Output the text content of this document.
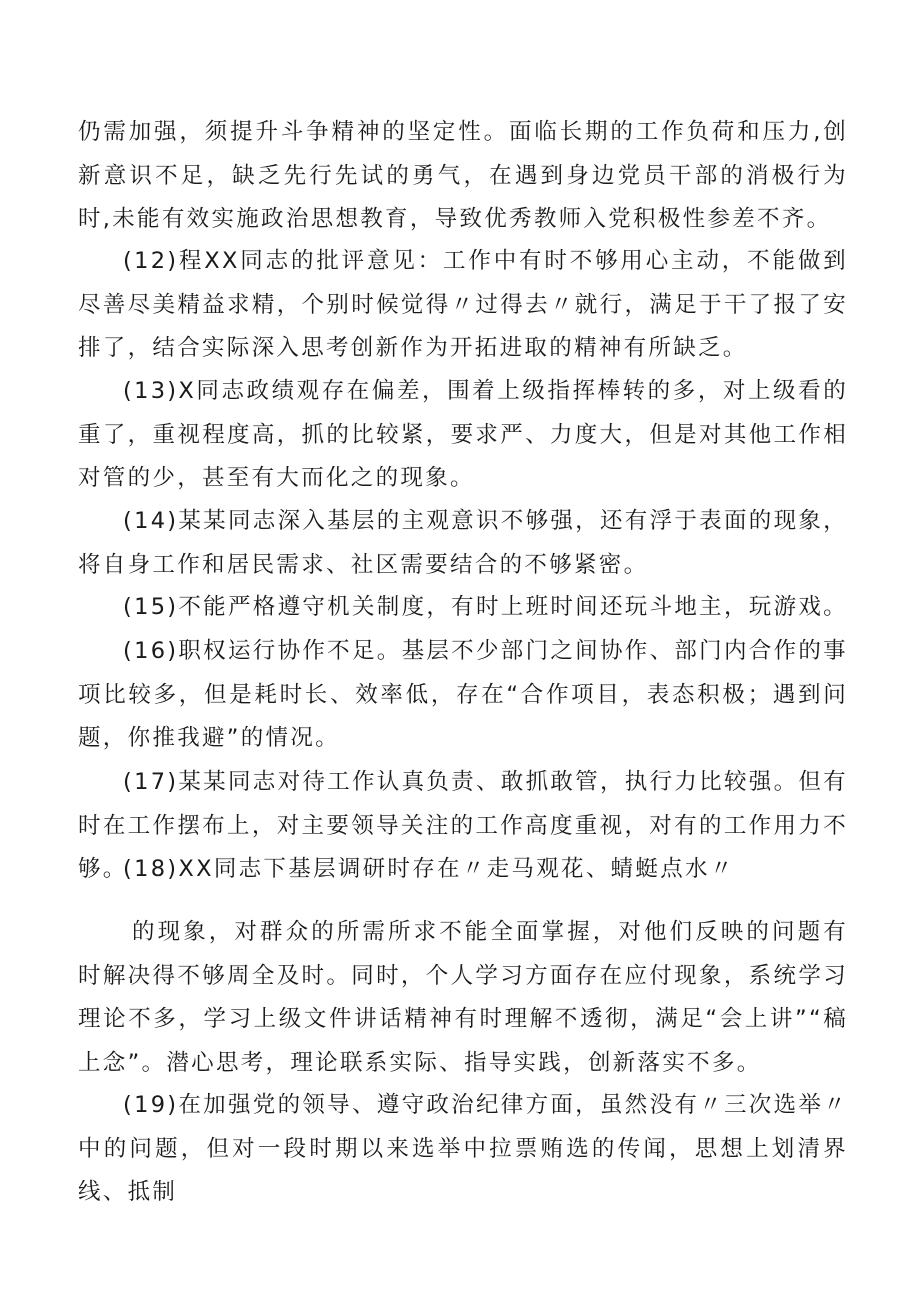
仍需加强，须提升斗争精神的坚定性。面临长期的工作负荷和压力,创新意识不足，缺乏先行先试的勇气，在遇到身边党员干部的消极行为时,未能有效实施政治思想教育，导致优秀教师入党积极性参差不齐。

(12)程XX同志的批评意见：工作中有时不够用心主动，不能做到尽善尽美精益求精，个别时候觉得〃过得去〃就行，满足于干了报了安排了，结合实际深入思考创新作为开拓进取的精神有所缺乏。

(13)X同志政绩观存在偏差，围着上级指挥棒转的多，对上级看的重了，重视程度高，抓的比较紧，要求严、力度大，但是对其他工作相对管的少，甚至有大而化之的现象。

(14)某某同志深入基层的主观意识不够强，还有浮于表面的现象，将自身工作和居民需求、社区需要结合的不够紧密。

(15)不能严格遵守机关制度，有时上班时间还玩斗地主，玩游戏。

(16)职权运行协作不足。基层不少部门之间协作、部门内合作的事项比较多，但是耗时长、效率低，存在“合作项目，表态积极；遇到问题，你推我避”的情况。

(17)某某同志对待工作认真负责、敢抓敢管，执行力比较强。但有时在工作摆布上，对主要领导关注的工作高度重视，对有的工作用力不够。

(18)XX同志下基层调研时存在〃走马观花、蜻蜓点水〃

的现象，对群众的所需所求不能全面掌握，对他们反映的问题有时解决得不够周全及时。同时，个人学习方面存在应付现象，系统学习理论不多，学习上级文件讲话精神有时理解不透彻，满足“会上讲”“稿上念”。潜心思考，理论联系实际、指导实践，创新落实不多。

(19)在加强党的领导、遵守政治纪律方面，虽然没有〃三次选举〃中的问题，但对一段时期以来选举中拉票贿选的传闻，思想上划清界线、抵制
